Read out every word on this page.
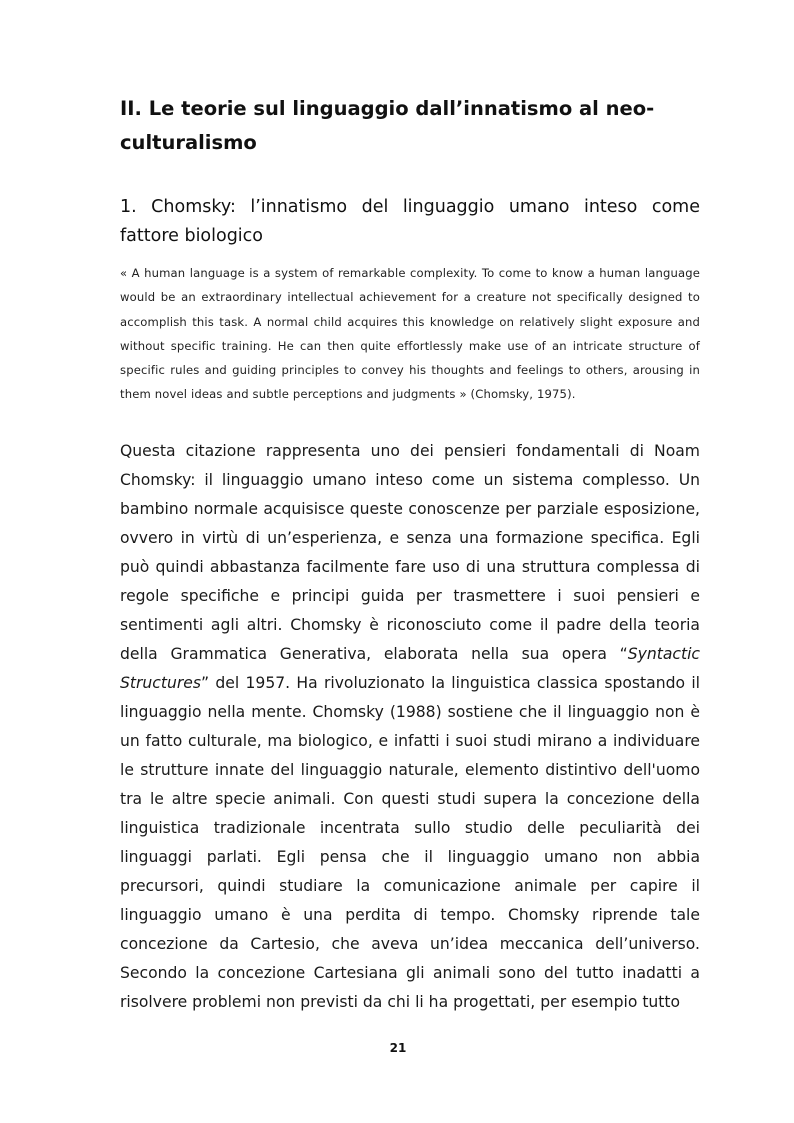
II. Le teorie sul linguaggio dall’innatismo al neo-culturalismo
1. Chomsky: l’innatismo del linguaggio umano inteso come fattore biologico

« A human language is a system of remarkable complexity. To come to know a human language would be an extraordinary intellectual achievement for a creature not specifically designed to accomplish this task. A normal child acquires this knowledge on relatively slight exposure and without specific training. He can then quite effortlessly make use of an intricate structure of specific rules and guiding principles to convey his thoughts and feelings to others, arousing in them novel ideas and subtle perceptions and judgments » (Chomsky, 1975).

Questa citazione rappresenta uno dei pensieri fondamentali di Noam Chomsky: il linguaggio umano inteso come un sistema complesso. Un bambino normale acquisisce queste conoscenze per parziale esposizione, ovvero in virtù di un’esperienza, e senza una formazione specifica. Egli può quindi abbastanza facilmente fare uso di una struttura complessa di regole specifiche e principi guida per trasmettere i suoi pensieri e sentimenti agli altri. Chomsky è riconosciuto come il padre della teoria della Grammatica Generativa, elaborata nella sua opera “Syntactic Structures” del 1957. Ha rivoluzionato la linguistica classica spostando il linguaggio nella mente. Chomsky (1988) sostiene che il linguaggio non è un fatto culturale, ma biologico, e infatti i suoi studi mirano a individuare le strutture innate del linguaggio naturale, elemento distintivo dell'uomo tra le altre specie animali. Con questi studi supera la concezione della linguistica tradizionale incentrata sullo studio delle peculiarità dei linguaggi parlati. Egli pensa che il linguaggio umano non abbia precursori, quindi studiare la comunicazione animale per capire il linguaggio umano è una perdita di tempo. Chomsky riprende tale concezione da Cartesio, che aveva un’idea meccanica dell’universo. Secondo la concezione Cartesiana gli animali sono del tutto inadatti a risolvere problemi non previsti da chi li ha progettati, per esempio tutto

21
